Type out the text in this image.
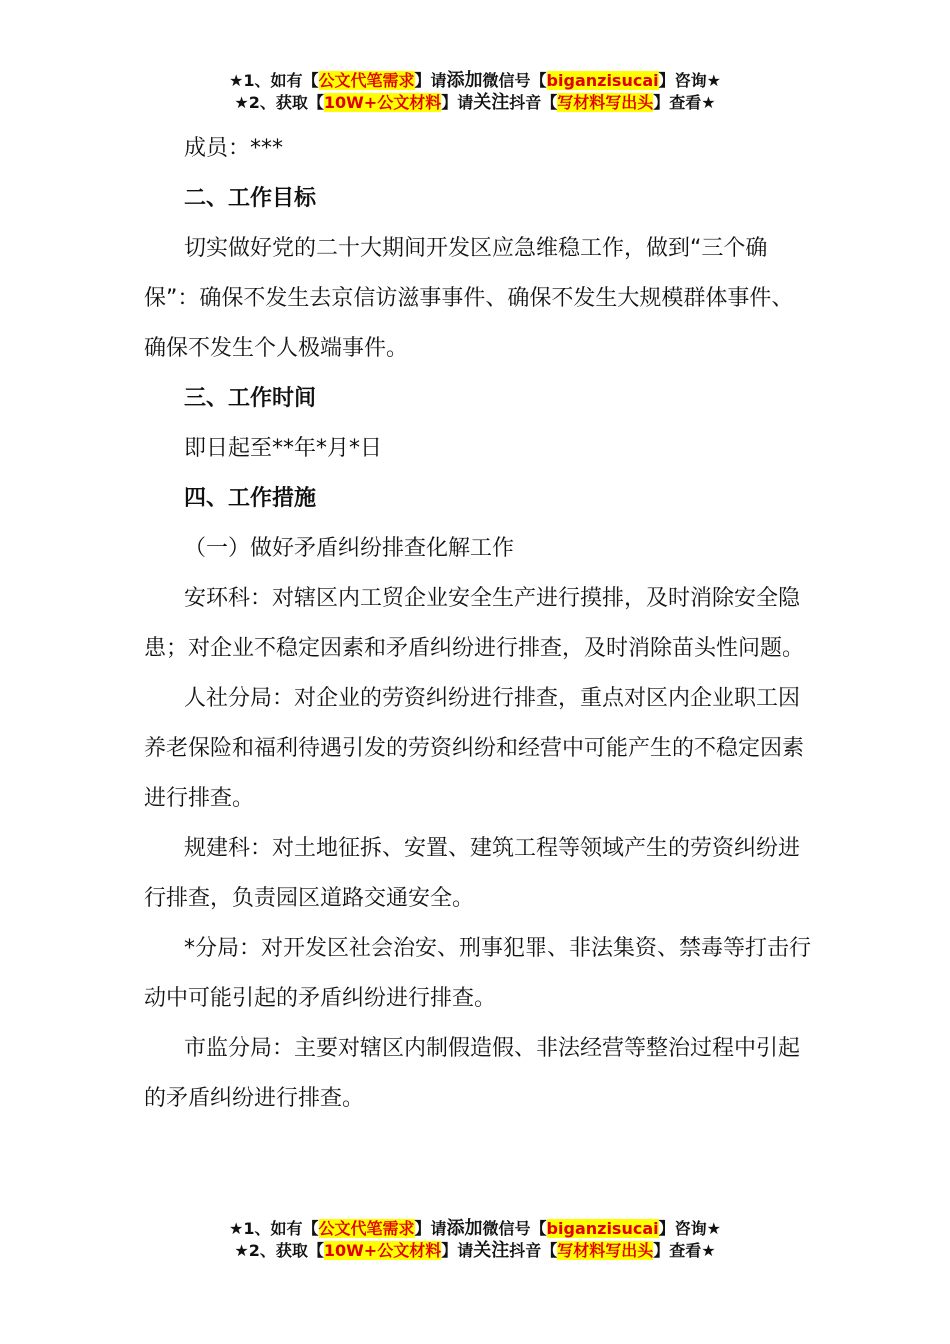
★1、如有【公文代笔需求】请添加微信号【biganzisucai】咨询★
★2、获取【10W+公文材料】请关注抖音【写材料写出头】查看★

成员：***

二、工作目标

切实做好党的二十大期间开发区应急维稳工作，做到“三个确保”：确保不发生去京信访滋事事件、确保不发生大规模群体事件、确保不发生个人极端事件。

三、工作时间

即日起至**年*月*日

四、工作措施

（一）做好矛盾纠纷排查化解工作

安环科：对辖区内工贸企业安全生产进行摸排，及时消除安全隐患；对企业不稳定因素和矛盾纠纷进行排查，及时消除苗头性问题。

人社分局：对企业的劳资纠纷进行排查，重点对区内企业职工因养老保险和福利待遇引发的劳资纠纷和经营中可能产生的不稳定因素进行排查。

规建科：对土地征拆、安置、建筑工程等领域产生的劳资纠纷进行排查，负责园区道路交通安全。

*分局：对开发区社会治安、刑事犯罪、非法集资、禁毒等打击行动中可能引起的矛盾纠纷进行排查。

市监分局：主要对辖区内制假造假、非法经营等整治过程中引起的矛盾纠纷进行排查。

★1、如有【公文代笔需求】请添加微信号【biganzisucai】咨询★
★2、获取【10W+公文材料】请关注抖音【写材料写出头】查看★
